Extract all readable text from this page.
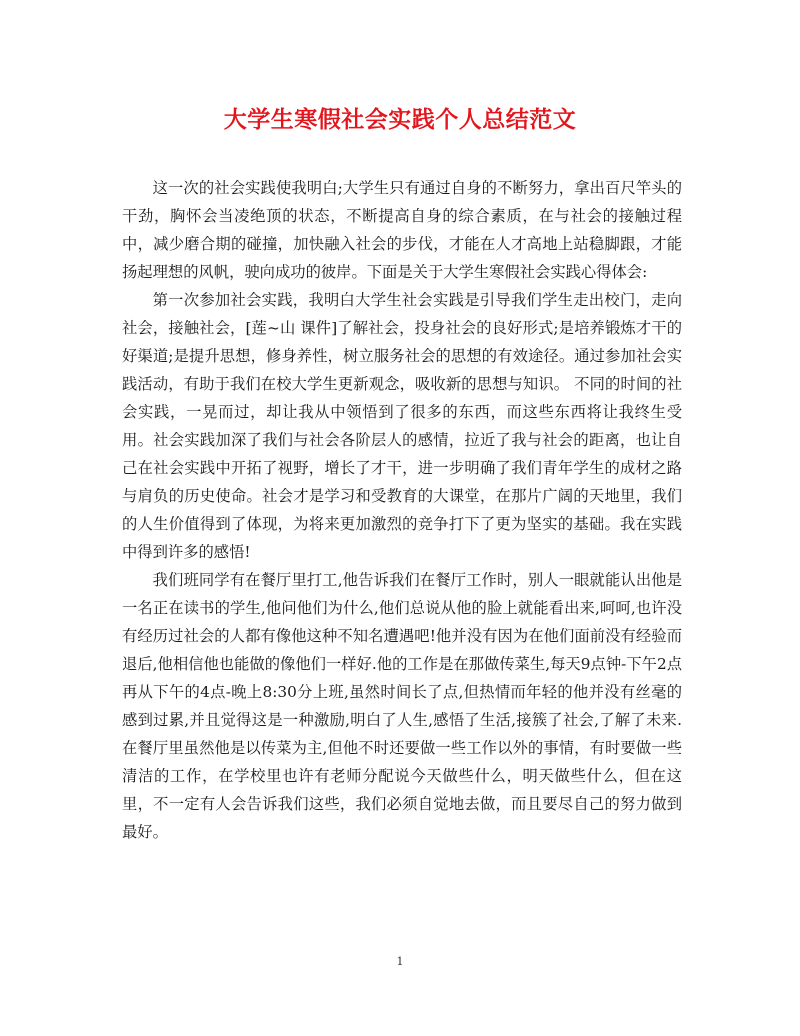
大学生寒假社会实践个人总结范文

这一次的社会实践使我明白;大学生只有通过自身的不断努力，拿出百尺竿头的干劲，胸怀会当凌绝顶的状态，不断提高自身的综合素质，在与社会的接触过程中，减少磨合期的碰撞，加快融入社会的步伐，才能在人才高地上站稳脚跟，才能扬起理想的风帆，驶向成功的彼岸。下面是关于大学生寒假社会实践心得体会:

第一次参加社会实践，我明白大学生社会实践是引导我们学生走出校门，走向社会，接触社会，[莲~山 课件]了解社会，投身社会的良好形式;是培养锻炼才干的好渠道;是提升思想，修身养性，树立服务社会的思想的有效途径。通过参加社会实践活动，有助于我们在校大学生更新观念，吸收新的思想与知识。 不同的时间的社会实践，一晃而过，却让我从中领悟到了很多的东西，而这些东西将让我终生受用。社会实践加深了我们与社会各阶层人的感情，拉近了我与社会的距离，也让自己在社会实践中开拓了视野，增长了才干，进一步明确了我们青年学生的成材之路与肩负的历史使命。社会才是学习和受教育的大课堂，在那片广阔的天地里，我们的人生价值得到了体现，为将来更加激烈的竞争打下了更为坚实的基础。我在实践中得到许多的感悟!

我们班同学有在餐厅里打工,他告诉我们在餐厅工作时，别人一眼就能认出他是一名正在读书的学生,他问他们为什么,他们总说从他的脸上就能看出来,呵呵,也许没有经历过社会的人都有像他这种不知名遭遇吧!他并没有因为在他们面前没有经验而退后,他相信他也能做的像他们一样好.他的工作是在那做传菜生,每天9点钟-下午2点再从下午的4点-晚上8:30分上班,虽然时间长了点,但热情而年轻的他并没有丝毫的感到过累,并且觉得这是一种激励,明白了人生,感悟了生活,接簇了社会,了解了未来.在餐厅里虽然他是以传菜为主,但他不时还要做一些工作以外的事情，有时要做一些清洁的工作，在学校里也许有老师分配说今天做些什么，明天做些什么，但在这里，不一定有人会告诉我们这些，我们必须自觉地去做，而且要尽自己的努力做到最好。

1
